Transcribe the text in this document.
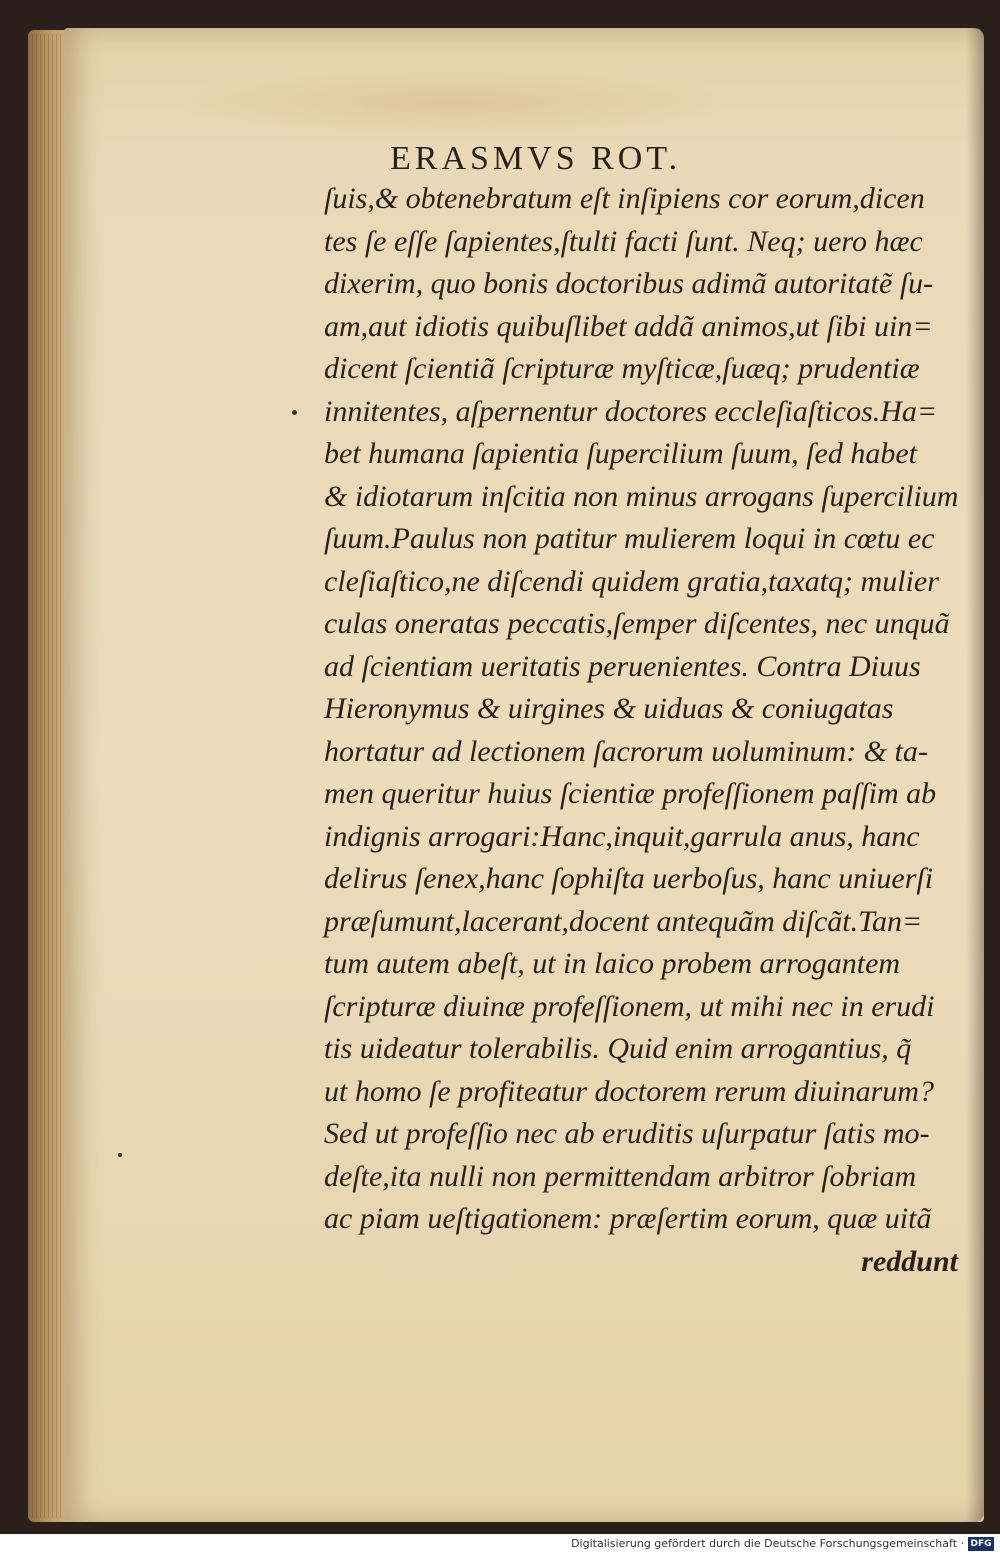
ERASMVS ROT.
ſuis,& obtenebratum eſt inſipiens cor eorum,dicen
tes ſe eſſe ſapientes,ſtulti facti ſunt. Neq; uero hæc
dixerim, quo bonis doctoribus adimã autoritatẽ ſu-
am,aut idiotis quibuſlibet addã animos,ut ſibi uin=
dicent ſcientiã ſcripturæ myſticæ,ſuæq; prudentiæ
innitentes, aſpernentur doctores eccleſiaſticos.Ha=
bet humana ſapientia ſupercilium ſuum, ſed habet
& idiotarum inſcitia non minus arrogans ſupercilium
ſuum.Paulus non patitur mulierem loqui in cœtu ec
cleſiaſtico,ne diſcendi quidem gratia,taxatq; mulier
culas oneratas peccatis,ſemper diſcentes, nec unquã
ad ſcientiam ueritatis peruenientes. Contra Diuus
Hieronymus & uirgines & uiduas & coniugatas
hortatur ad lectionem ſacrorum uoluminum: & ta-
men queritur huius ſcientiæ profeſſionem paſſim ab
indignis arrogari:Hanc,inquit,garrula anus, hanc
delirus ſenex,hanc ſophiſta uerboſus, hanc uniuerſi
præſumunt,lacerant,docent antequãm diſcãt.Tan=
tum autem abeſt, ut in laico probem arrogantem
ſcripturæ diuinæ profeſſionem, ut mihi nec in erudi
tis uideatur tolerabilis. Quid enim arrogantius, q̃
ut homo ſe profiteatur doctorem rerum diuinarum?
Sed ut profeſſio nec ab eruditis uſurpatur ſatis mo-
deſte,ita nulli non permittendam arbitror ſobriam
ac piam ueſtigationem: præſertim eorum, quæ uitã
reddunt
Digitalisierung gefördert durch die Deutsche Forschungsgemeinschaft · DFG
